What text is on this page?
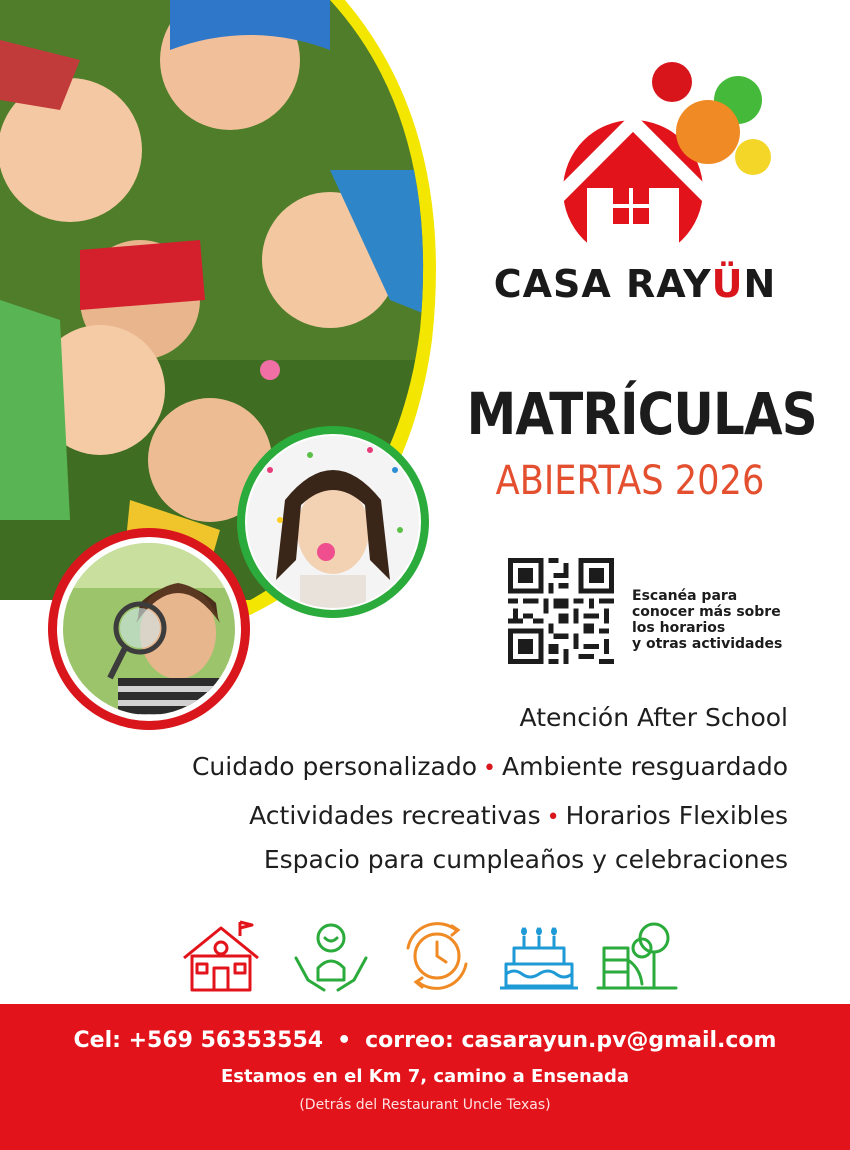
CASA RAYÜN
MATRÍCULAS
ABIERTAS 2026
Escanéa para
conocer más sobre
los horarios
y otras actividades
Atención After School
Cuidado personalizado • Ambiente resguardado
Actividades recreativas • Horarios Flexibles
Espacio para cumpleaños y celebraciones
Cel: +569 56353554 • correo: casarayun.pv@gmail.com
Estamos en el Km 7, camino a Ensenada
(Detrás del Restaurant Uncle Texas)
